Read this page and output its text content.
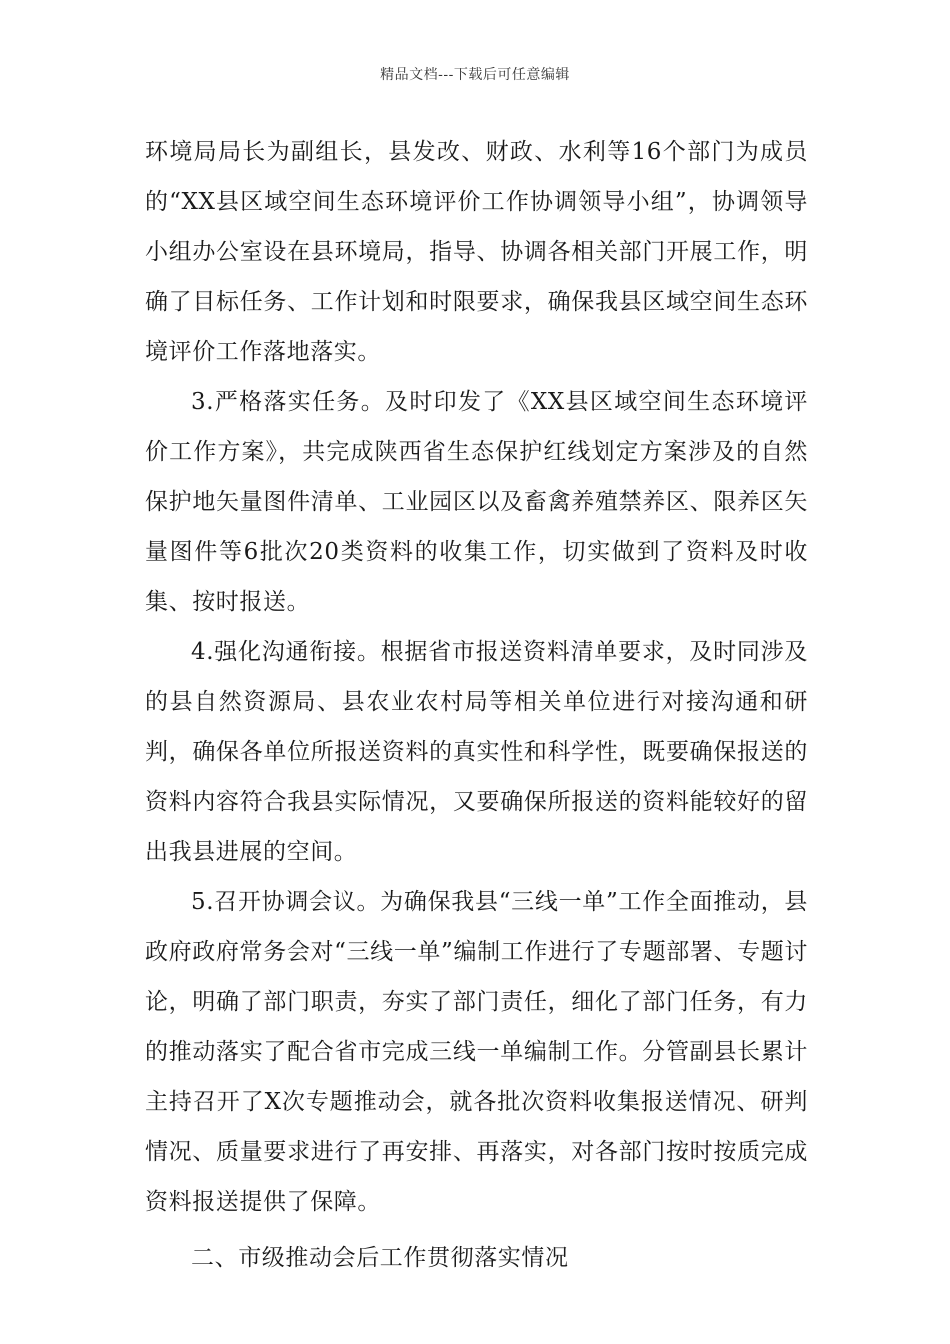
精品文档---下载后可任意编辑

环境局局长为副组长，县发改、财政、水利等16个部门为成员的“XX县区域空间生态环境评价工作协调领导小组”，协调领导小组办公室设在县环境局，指导、协调各相关部门开展工作，明确了目标任务、工作计划和时限要求，确保我县区域空间生态环境评价工作落地落实。

3.严格落实任务。及时印发了《XX县区域空间生态环境评价工作方案》，共完成陕西省生态保护红线划定方案涉及的自然保护地矢量图件清单、工业园区以及畜禽养殖禁养区、限养区矢量图件等6批次20类资料的收集工作，切实做到了资料及时收集、按时报送。

4.强化沟通衔接。根据省市报送资料清单要求，及时同涉及的县自然资源局、县农业农村局等相关单位进行对接沟通和研判，确保各单位所报送资料的真实性和科学性，既要确保报送的资料内容符合我县实际情况，又要确保所报送的资料能较好的留出我县进展的空间。

5.召开协调会议。为确保我县“三线一单”工作全面推动，县政府政府常务会对“三线一单”编制工作进行了专题部署、专题讨论，明确了部门职责，夯实了部门责任，细化了部门任务，有力的推动落实了配合省市完成三线一单编制工作。分管副县长累计主持召开了X次专题推动会，就各批次资料收集报送情况、研判情况、质量要求进行了再安排、再落实，对各部门按时按质完成资料报送提供了保障。

二、市级推动会后工作贯彻落实情况
